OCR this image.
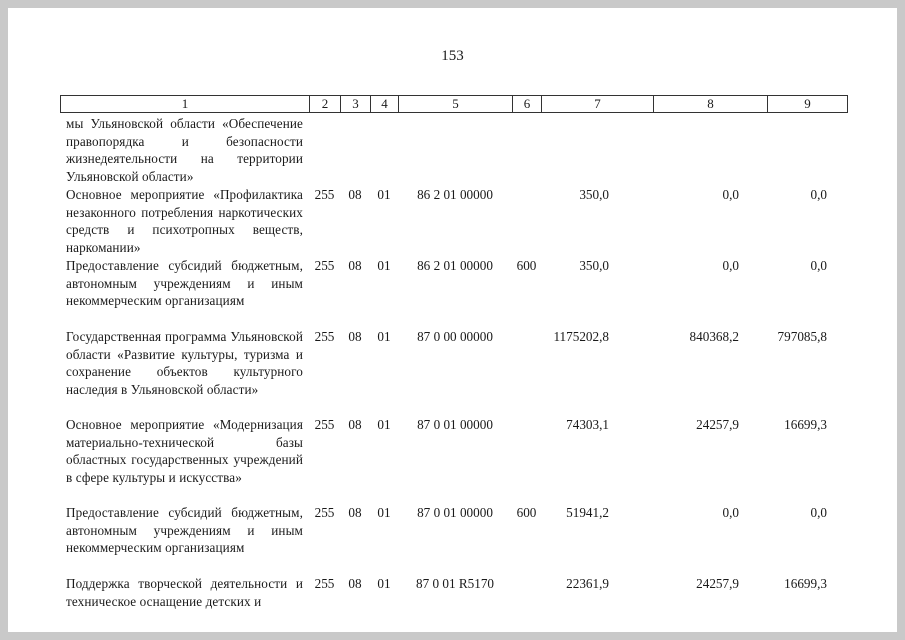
153
1	2	3	4	5	6	7	8	9
мы Ульяновской области «Обеспечение правопорядка и безопасности жизнедеятельности на территории Ульяновской области»								
Основное мероприятие «Профилактика незаконного потребления наркотических средств и психотропных веществ, наркомании»	255	08	01	86 2 01 00000		350,0	0,0	0,0
Предоставление субсидий бюджетным, автономным учреждениям и иным некоммерческим организациям	255	08	01	86 2 01 00000	600	350,0	0,0	0,0
Государственная программа Ульяновской области «Развитие культуры, туризма и сохранение объектов культурного наследия в Ульяновской области»	255	08	01	87 0 00 00000		1175202,8	840368,2	797085,8
Основное мероприятие «Модернизация материально-технической базы областных государственных учреждений в сфере культуры и искусства»	255	08	01	87 0 01 00000		74303,1	24257,9	16699,3
Предоставление субсидий бюджетным, автономным учреждениям и иным некоммерческим организациям	255	08	01	87 0 01 00000	600	51941,2	0,0	0,0
Поддержка творческой деятельности и техническое оснащение детских и	255	08	01	87 0 01 R5170		22361,9	24257,9	16699,3
